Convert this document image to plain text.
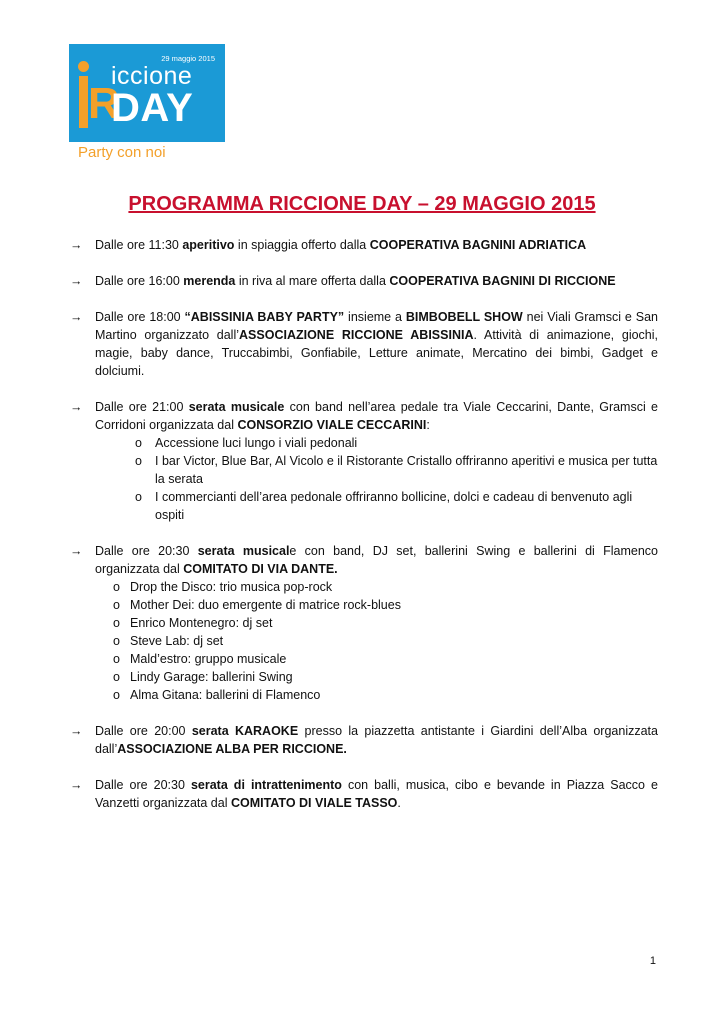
29 maggio 2015
R
iccione
DAY
Party con noi
PROGRAMMA RICCIONE DAY – 29 MAGGIO 2015
→ Dalle ore 11:30 aperitivo in spiaggia offerto dalla COOPERATIVA BAGNINI ADRIATICA
→ Dalle ore 16:00 merenda in riva al mare offerta dalla COOPERATIVA BAGNINI DI RICCIONE
→ Dalle ore 18:00 “ABISSINIA BABY PARTY” insieme a BIMBOBELL SHOW nei Viali Gramsci e San Martino organizzato dall’ASSOCIAZIONE RICCIONE ABISSINIA. Attività di animazione, giochi, magie, baby dance, Truccabimbi, Gonfiabile, Letture animate, Mercatino dei bimbi, Gadget e dolciumi.
→ Dalle ore 21:00 serata musicale con band nell’area pedale tra Viale Ceccarini, Dante, Gramsci e Corridoni organizzata dal CONSORZIO VIALE CECCARINI:
o Accessione luci lungo i viali pedonali
o I bar Victor, Blue Bar, Al Vicolo e il Ristorante Cristallo offriranno aperitivi e musica per tutta la serata
o I commercianti dell’area pedonale offriranno bollicine, dolci e cadeau di benvenuto agli ospiti
→ Dalle ore 20:30 serata musicale con band, DJ set, ballerini Swing e ballerini di Flamenco organizzata dal COMITATO DI VIA DANTE.
o Drop the Disco: trio musica pop-rock
o Mother Dei: duo emergente di matrice rock-blues
o Enrico Montenegro: dj set
o Steve Lab: dj set
o Mald’estro: gruppo musicale
o Lindy Garage: ballerini Swing
o Alma Gitana: ballerini di Flamenco
→ Dalle ore 20:00 serata KARAOKE presso la piazzetta antistante i Giardini dell’Alba organizzata dall’ASSOCIAZIONE ALBA PER RICCIONE.
→ Dalle ore 20:30 serata di intrattenimento con balli, musica, cibo e bevande in Piazza Sacco e Vanzetti organizzata dal COMITATO DI VIALE TASSO.
1
